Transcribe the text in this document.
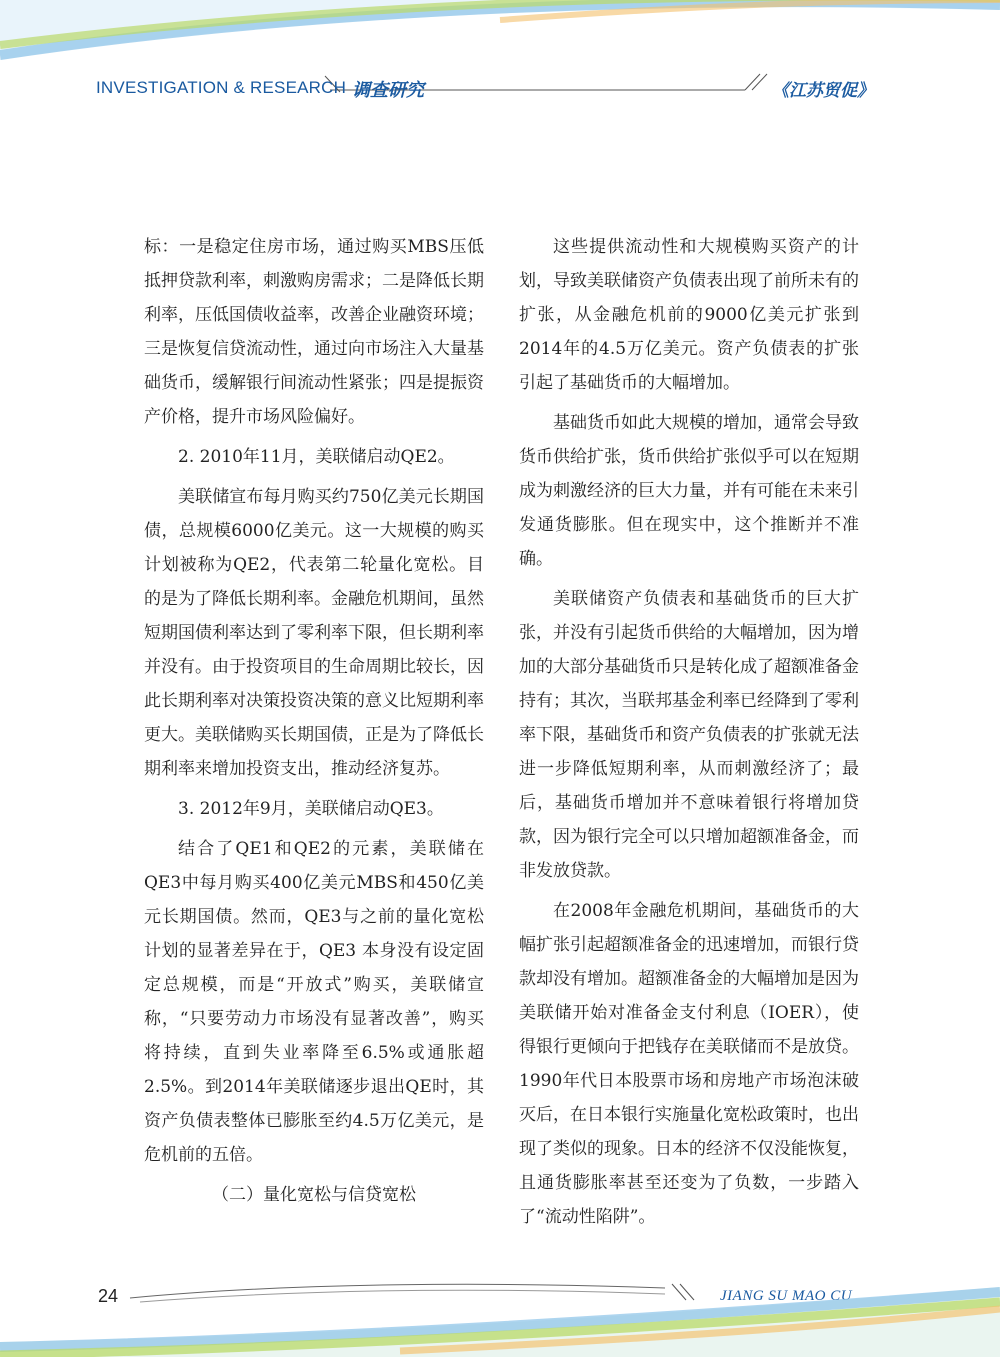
INVESTIGATION & RESEARCH 调查研究	《江苏贸促》

标：一是稳定住房市场，通过购买MBS压低抵押贷款利率，刺激购房需求；二是降低长期利率，压低国债收益率，改善企业融资环境；三是恢复信贷流动性，通过向市场注入大量基础货币，缓解银行间流动性紧张；四是提振资产价格，提升市场风险偏好。

2. 2010年11月，美联储启动QE2。

美联储宣布每月购买约750亿美元长期国债，总规模6000亿美元。这一大规模的购买计划被称为QE2，代表第二轮量化宽松。目的是为了降低长期利率。金融危机期间，虽然短期国债利率达到了零利率下限，但长期利率并没有。由于投资项目的生命周期比较长，因此长期利率对决策投资决策的意义比短期利率更大。美联储购买长期国债，正是为了降低长期利率来增加投资支出，推动经济复苏。

3. 2012年9月，美联储启动QE3。

结合了QE1和QE2的元素，美联储在QE3中每月购买400亿美元MBS和450亿美元长期国债。然而，QE3与之前的量化宽松计划的显著差异在于，QE3 本身没有设定固定总规模，而是“开放式”购买，美联储宣称，“只要劳动力市场没有显著改善”，购买将持续，直到失业率降至6.5%或通胀超2.5%。到2014年美联储逐步退出QE时，其资产负债表整体已膨胀至约4.5万亿美元，是危机前的五倍。

（二）量化宽松与信贷宽松

这些提供流动性和大规模购买资产的计划，导致美联储资产负债表出现了前所未有的扩张，从金融危机前的9000亿美元扩张到2014年的4.5万亿美元。资产负债表的扩张引起了基础货币的大幅增加。

基础货币如此大规模的增加，通常会导致货币供给扩张，货币供给扩张似乎可以在短期成为刺激经济的巨大力量，并有可能在未来引发通货膨胀。但在现实中，这个推断并不准确。

美联储资产负债表和基础货币的巨大扩张，并没有引起货币供给的大幅增加，因为增加的大部分基础货币只是转化成了超额准备金持有；其次，当联邦基金利率已经降到了零利率下限，基础货币和资产负债表的扩张就无法进一步降低短期利率，从而刺激经济了；最后，基础货币增加并不意味着银行将增加贷款，因为银行完全可以只增加超额准备金，而非发放贷款。

在2008年金融危机期间，基础货币的大幅扩张引起超额准备金的迅速增加，而银行贷款却没有增加。超额准备金的大幅增加是因为美联储开始对准备金支付利息（IOER），使得银行更倾向于把钱存在美联储而不是放贷。1990年代日本股票市场和房地产市场泡沫破灭后，在日本银行实施量化宽松政策时，也出现了类似的现象。日本的经济不仅没能恢复，且通货膨胀率甚至还变为了负数，一步踏入了“流动性陷阱”。

24	JIANG SU MAO CU
